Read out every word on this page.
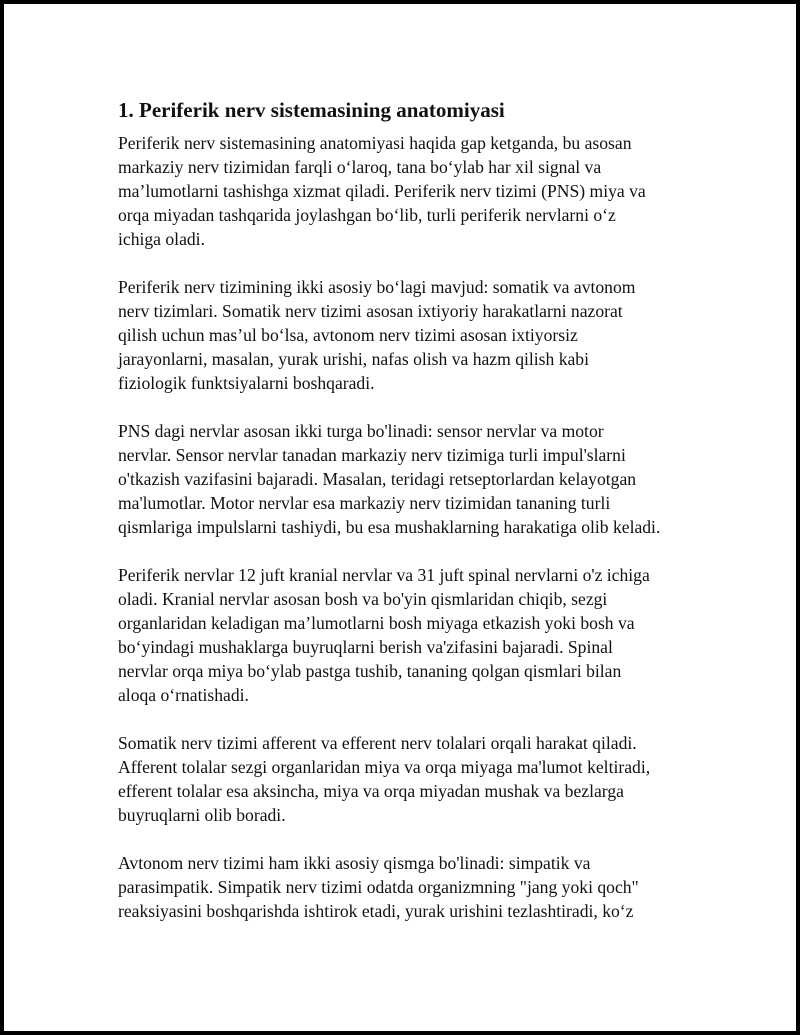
1. Periferik nerv sistemasining anatomiyasi
Periferik nerv sistemasining anatomiyasi haqida gap ketganda, bu asosan
markaziy nerv tizimidan farqli oʻlaroq, tana boʻylab har xil signal va
maʼlumotlarni tashishga xizmat qiladi. Periferik nerv tizimi (PNS) miya va
orqa miyadan tashqarida joylashgan boʻlib, turli periferik nervlarni oʻz
ichiga oladi.
Periferik nerv tizimining ikki asosiy boʻlagi mavjud: somatik va avtonom
nerv tizimlari. Somatik nerv tizimi asosan ixtiyoriy harakatlarni nazorat
qilish uchun masʼul boʻlsa, avtonom nerv tizimi asosan ixtiyorsiz
jarayonlarni, masalan, yurak urishi, nafas olish va hazm qilish kabi
fiziologik funktsiyalarni boshqaradi.
PNS dagi nervlar asosan ikki turga bo'linadi: sensor nervlar va motor
nervlar. Sensor nervlar tanadan markaziy nerv tizimiga turli impul'slarni
o'tkazish vazifasini bajaradi. Masalan, teridagi retseptorlardan kelayotgan
ma'lumotlar. Motor nervlar esa markaziy nerv tizimidan tananing turli
qismlariga impulslarni tashiydi, bu esa mushaklarning harakatiga olib keladi.
Periferik nervlar 12 juft kranial nervlar va 31 juft spinal nervlarni o'z ichiga
oladi. Kranial nervlar asosan bosh va bo'yin qismlaridan chiqib, sezgi
organlaridan keladigan maʼlumotlarni bosh miyaga etkazish yoki bosh va
boʻyindagi mushaklarga buyruqlarni berish va'zifasini bajaradi. Spinal
nervlar orqa miya boʻylab pastga tushib, tananing qolgan qismlari bilan
aloqa oʻrnatishadi.
Somatik nerv tizimi afferent va efferent nerv tolalari orqali harakat qiladi.
Afferent tolalar sezgi organlaridan miya va orqa miyaga ma'lumot keltiradi,
efferent tolalar esa aksincha, miya va orqa miyadan mushak va bezlarga
buyruqlarni olib boradi.
Avtonom nerv tizimi ham ikki asosiy qismga bo'linadi: simpatik va
parasimpatik. Simpatik nerv tizimi odatda organizmning "jang yoki qoch"
reaksiyasini boshqarishda ishtirok etadi, yurak urishini tezlashtiradi, koʻz
